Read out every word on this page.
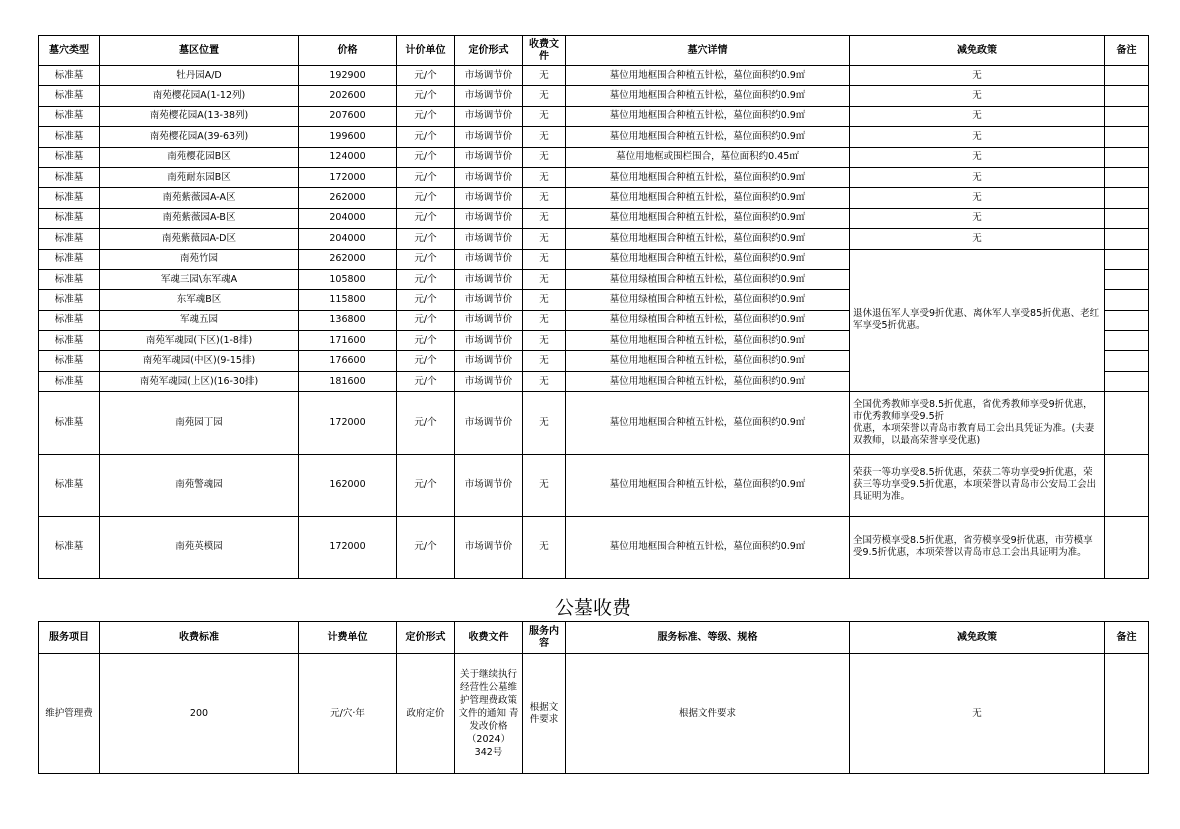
墓穴类型	墓区位置	价格	计价单位	定价形式	收费文件	墓穴详情	减免政策	备注
标准墓	牡丹园A/D	192900	元/个	市场调节价	无	墓位用地框围合种植五针松，墓位面积约0.9㎡	无	
标准墓	南苑樱花园A(1-12列)	202600	元/个	市场调节价	无	墓位用地框围合种植五针松，墓位面积约0.9㎡	无	
标准墓	南苑樱花园A(13-38列)	207600	元/个	市场调节价	无	墓位用地框围合种植五针松，墓位面积约0.9㎡	无	
标准墓	南苑樱花园A(39-63列)	199600	元/个	市场调节价	无	墓位用地框围合种植五针松，墓位面积约0.9㎡	无	
标准墓	南苑樱花园B区	124000	元/个	市场调节价	无	墓位用地框或围栏围合，墓位面积约0.45㎡	无	
标准墓	南苑耐东园B区	172000	元/个	市场调节价	无	墓位用地框围合种植五针松，墓位面积约0.9㎡	无	
标准墓	南苑紫薇园A-A区	262000	元/个	市场调节价	无	墓位用地框围合种植五针松，墓位面积约0.9㎡	无	
标准墓	南苑紫薇园A-B区	204000	元/个	市场调节价	无	墓位用地框围合种植五针松，墓位面积约0.9㎡	无	
标准墓	南苑紫薇园A-D区	204000	元/个	市场调节价	无	墓位用地框围合种植五针松，墓位面积约0.9㎡	无	
标准墓	南苑竹园	262000	元/个	市场调节价	无	墓位用地框围合种植五针松，墓位面积约0.9㎡	退休退伍军人享受9折优惠、离休军人享受85折优惠、老红军享受5折优惠。	
标准墓	军魂三园\东军魂A	105800	元/个	市场调节价	无	墓位用绿植围合种植五针松，墓位面积约0.9㎡		
标准墓	东军魂B区	115800	元/个	市场调节价	无	墓位用绿植围合种植五针松，墓位面积约0.9㎡		
标准墓	军魂五园	136800	元/个	市场调节价	无	墓位用绿植围合种植五针松，墓位面积约0.9㎡		
标准墓	南苑军魂园(下区)(1-8排)	171600	元/个	市场调节价	无	墓位用地框围合种植五针松，墓位面积约0.9㎡		
标准墓	南苑军魂园(中区)(9-15排)	176600	元/个	市场调节价	无	墓位用地框围合种植五针松，墓位面积约0.9㎡		
标准墓	南苑军魂园(上区)(16-30排)	181600	元/个	市场调节价	无	墓位用地框围合种植五针松，墓位面积约0.9㎡		
标准墓	南苑园丁园	172000	元/个	市场调节价	无	墓位用地框围合种植五针松，墓位面积约0.9㎡	全国优秀教师享受8.5折优惠，省优秀教师享受9折优惠，市优秀教师享受9.5折
优惠，本项荣誉以青岛市教育局工会出具凭证为准。(夫妻双教师，以最高荣誉享受优惠)	
标准墓	南苑警魂园	162000	元/个	市场调节价	无	墓位用地框围合种植五针松，墓位面积约0.9㎡	荣获一等功享受8.5折优惠，荣获二等功享受9折优惠，荣获三等功享受9.5折优惠，本项荣誉以青岛市公安局工会出具证明为准。	
标准墓	南苑英模园	172000	元/个	市场调节价	无	墓位用地框围合种植五针松，墓位面积约0.9㎡	全国劳模享受8.5折优惠，省劳模享受9折优惠，市劳模享受9.5折优惠，本项荣誉以青岛市总工会出具证明为准。	
公墓收费
服务项目	收费标准	计费单位	定价形式	收费文件	服务内容	服务标准、等级、规格	减免政策	备注
维护管理费	200	元/穴·年	政府定价	关于继续执行经营性公墓维护管理费政策文件的通知 青发改价格（2024）342号	根据文件要求	根据文件要求	无	
